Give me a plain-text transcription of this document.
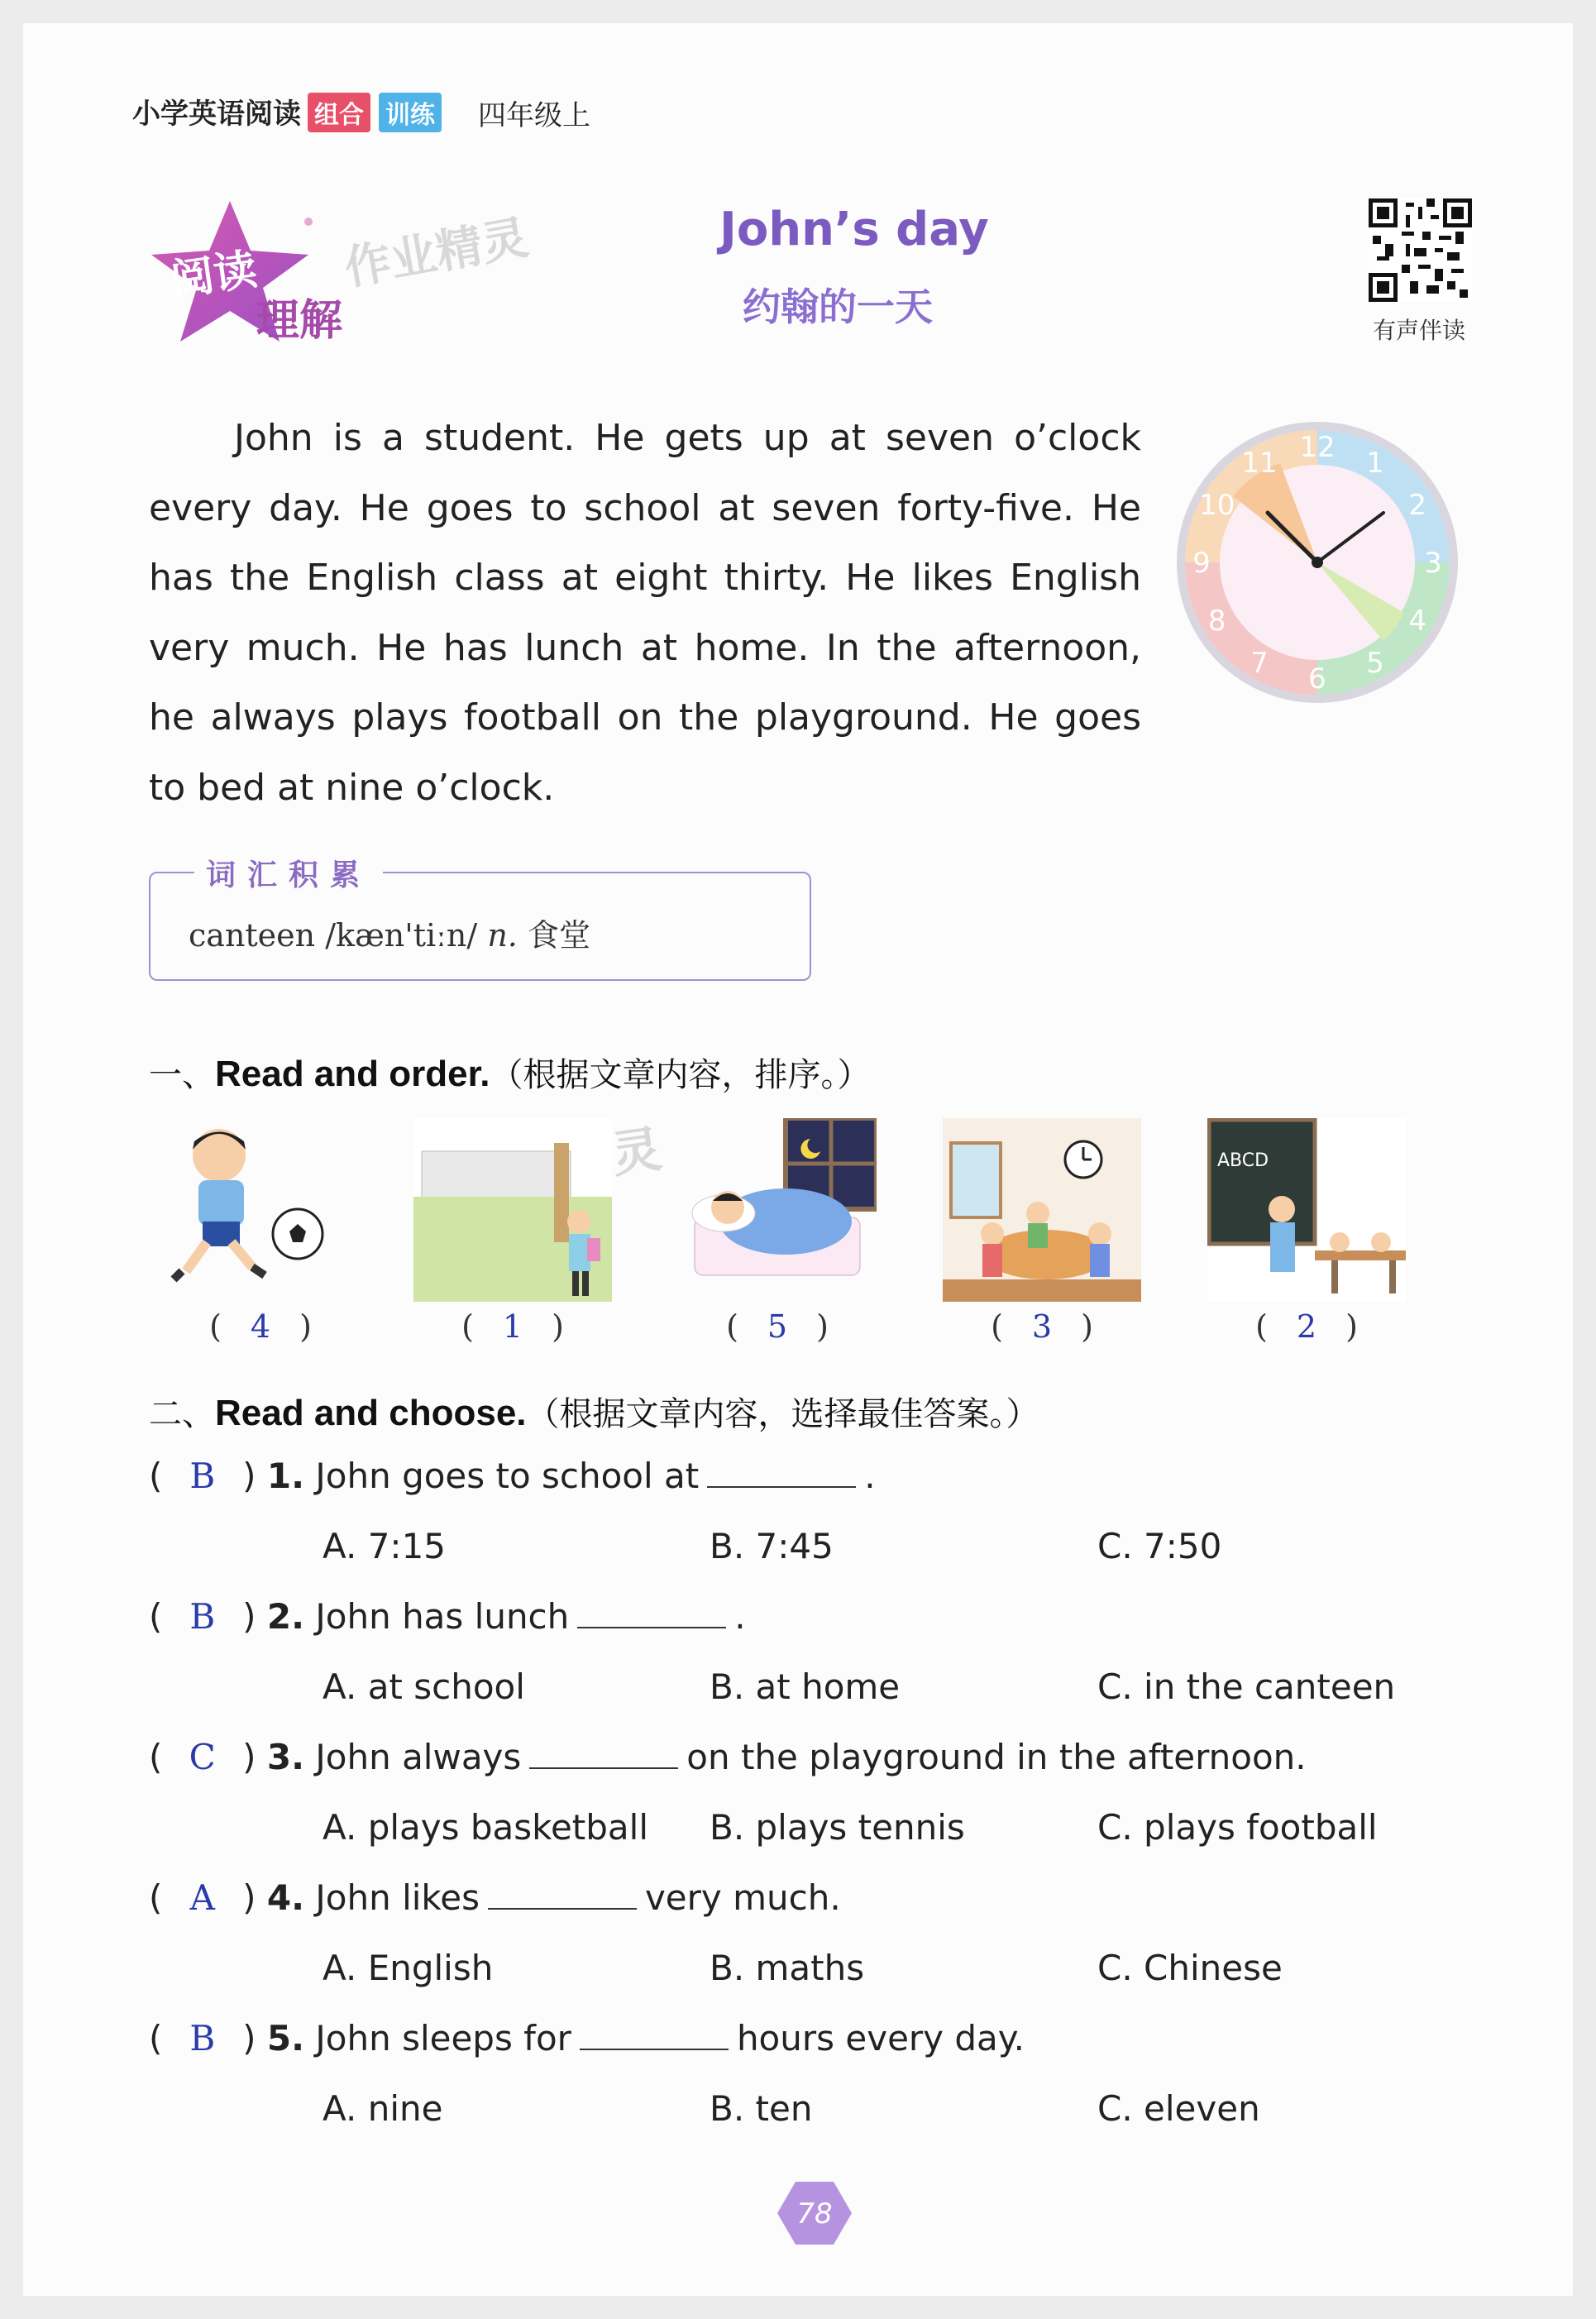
小学英语阅读 组合 训练 四年级上
阅读
理解
作业精灵	John’s day
约翰的一天
有声伴读

John is a student. He gets up at seven o’clock every day. He goes to school at seven forty-five. He has the English class at eight thirty. He likes English very much. He has lunch at home. In the afternoon, he always plays football on the playground. He goes to bed at nine o’clock.

12 1
2
3
4
5
6
7
8
9
10
11
词汇积累
canteen /kæn'tiːn/ n. 食堂
一、Read and order.（根据文章内容，排序。）
ABCD
( 4 )	( 1 )	( 5 )	( 3 )	( 2 )
二、Read and choose.（根据文章内容，选择最佳答案。）
( B ) 1. John goes to school at	.
A. 7:15	B. 7:45	C. 7:50
( B ) 2. John has lunch	.
A. at school	B. at home	C. in the canteen
( C ) 3. John always	on the playground in the afternoon.
A. plays basketball B. plays tennis	C. plays football
( A ) 4. John likes	very much.
A. English	B. maths	C. Chinese
( B ) 5. John sleeps for	hours every day.
A. nine	B. ten	C. eleven
78
